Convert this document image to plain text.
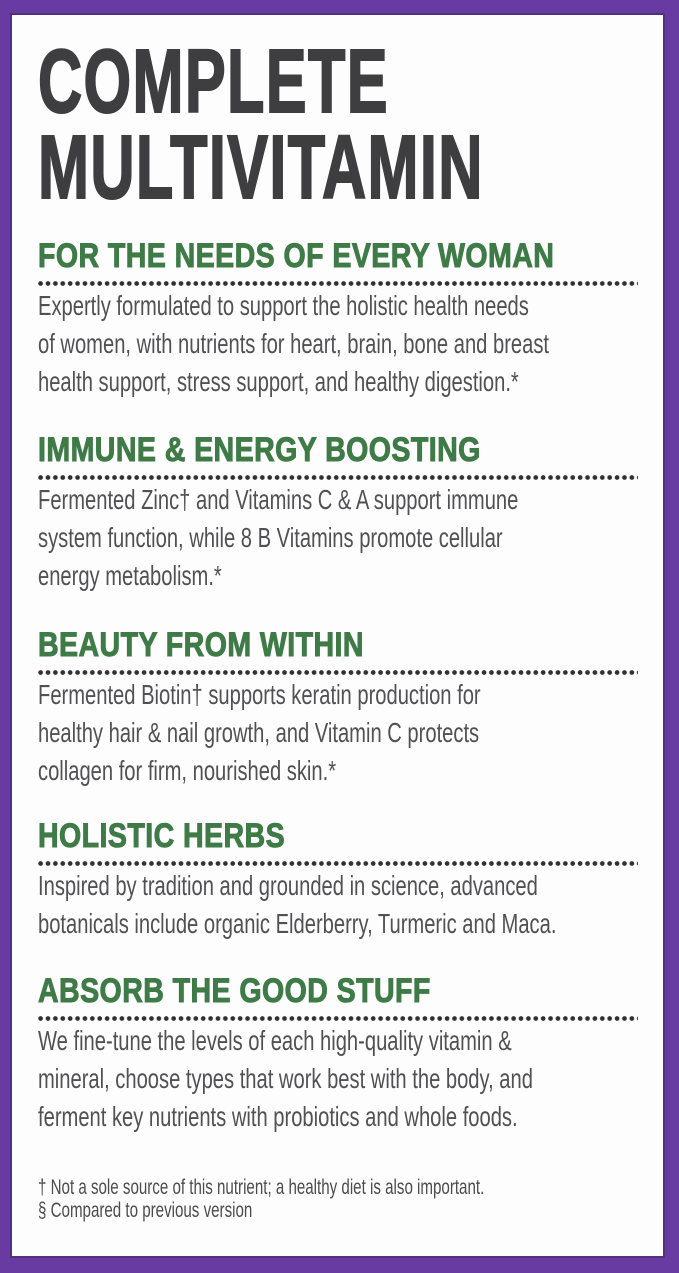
COMPLETE
MULTIVITAMIN
FOR THE NEEDS OF EVERY WOMAN

Expertly formulated to support the holistic health needs
of women, with nutrients for heart, brain, bone and breast
health support, stress support, and healthy digestion.*

IMMUNE & ENERGY BOOSTING

Fermented Zinc† and Vitamins C & A support immune
system function, while 8 B Vitamins promote cellular
energy metabolism.*

BEAUTY FROM WITHIN

Fermented Biotin† supports keratin production for
healthy hair & nail growth, and Vitamin C protects
collagen for firm, nourished skin.*

HOLISTIC HERBS

Inspired by tradition and grounded in science, advanced
botanicals include organic Elderberry, Turmeric and Maca.

ABSORB THE GOOD STUFF

We fine-tune the levels of each high-quality vitamin &
mineral, choose types that work best with the body, and
ferment key nutrients with probiotics and whole foods.

† Not a sole source of this nutrient; a healthy diet is also important.
§ Compared to previous version
